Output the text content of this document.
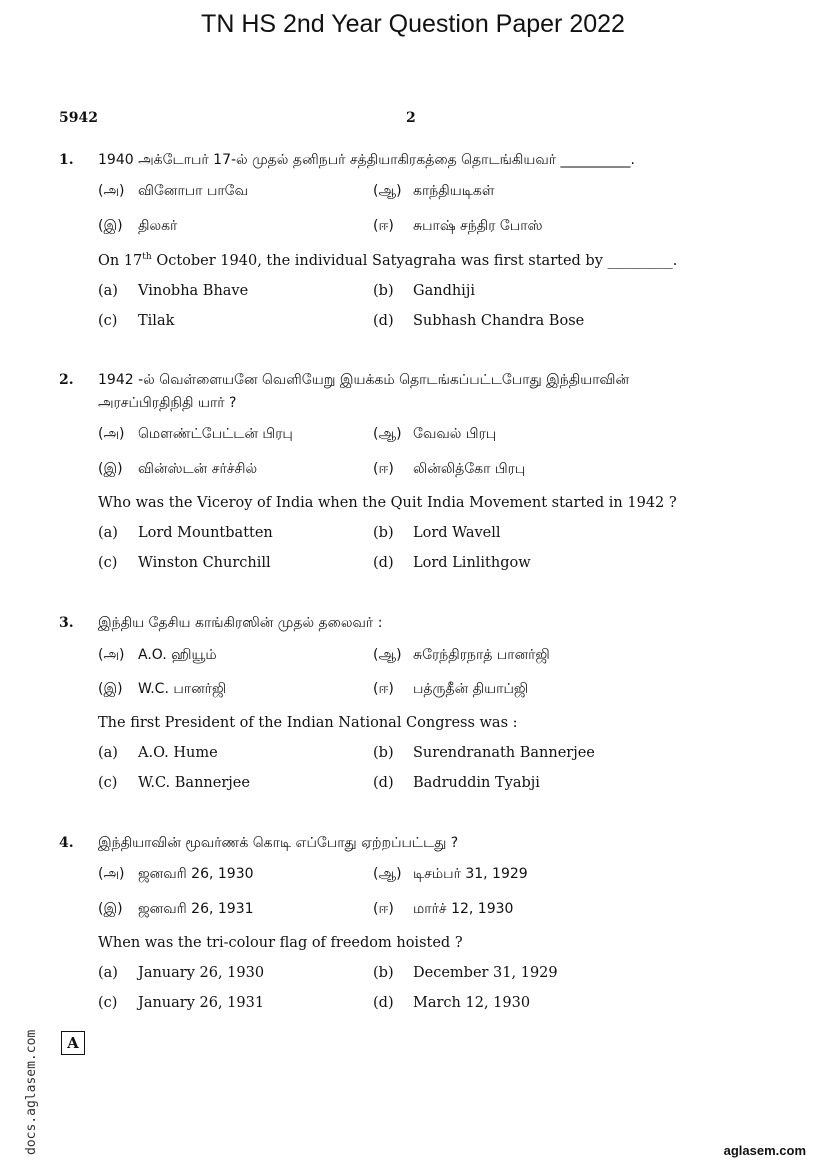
TN HS 2nd Year Question Paper 2022
5942	2
1. 1940 அக்டோபர் 17-ல் முதல் தனிநபர் சத்தியாகிரகத்தை தொடங்கியவர் __________.
(அ) வினோபா பாவே	(ஆ) காந்தியடிகள்
(இ) திலகர்	(ஈ) சுபாஷ் சந்திர போஸ்
On 17th October 1940, the individual Satyagraha was first started by _________.
(a) Vinobha Bhave	(b) Gandhiji
(c) Tilak	(d) Subhash Chandra Bose
2. 1942 -ல் வெள்ளையனே வெளியேறு இயக்கம் தொடங்கப்பட்டபோது இந்தியாவின்
அரசப்பிரதிநிதி யார் ?
(அ) மௌண்ட்பேட்டன் பிரபு	(ஆ) வேவல் பிரபு
(இ) வின்ஸ்டன் சர்ச்சில்	(ஈ) லின்லித்கோ பிரபு
Who was the Viceroy of India when the Quit India Movement started in 1942 ?
(a) Lord Mountbatten	(b) Lord Wavell
(c) Winston Churchill	(d) Lord Linlithgow
3. இந்திய தேசிய காங்கிரஸின் முதல் தலைவர் :
(அ) A.O. ஹியூம்	(ஆ) சுரேந்திரநாத் பானர்ஜி
(இ) W.C. பானர்ஜி	(ஈ) பத்ருதீன் தியாப்ஜி
The first President of the Indian National Congress was :
(a) A.O. Hume	(b) Surendranath Bannerjee
(c) W.C. Bannerjee	(d) Badruddin Tyabji
4. இந்தியாவின் மூவர்ணக் கொடி எப்போது ஏற்றப்பட்டது ?
(அ) ஜனவரி 26, 1930	(ஆ) டிசம்பர் 31, 1929
(இ) ஜனவரி 26, 1931	(ஈ) மார்ச் 12, 1930
When was the tri-colour flag of freedom hoisted ?
(a) January 26, 1930	(b) December 31, 1929
(c) January 26, 1931	(d) March 12, 1930
A
docs.aglasem.com	aglasem.com
